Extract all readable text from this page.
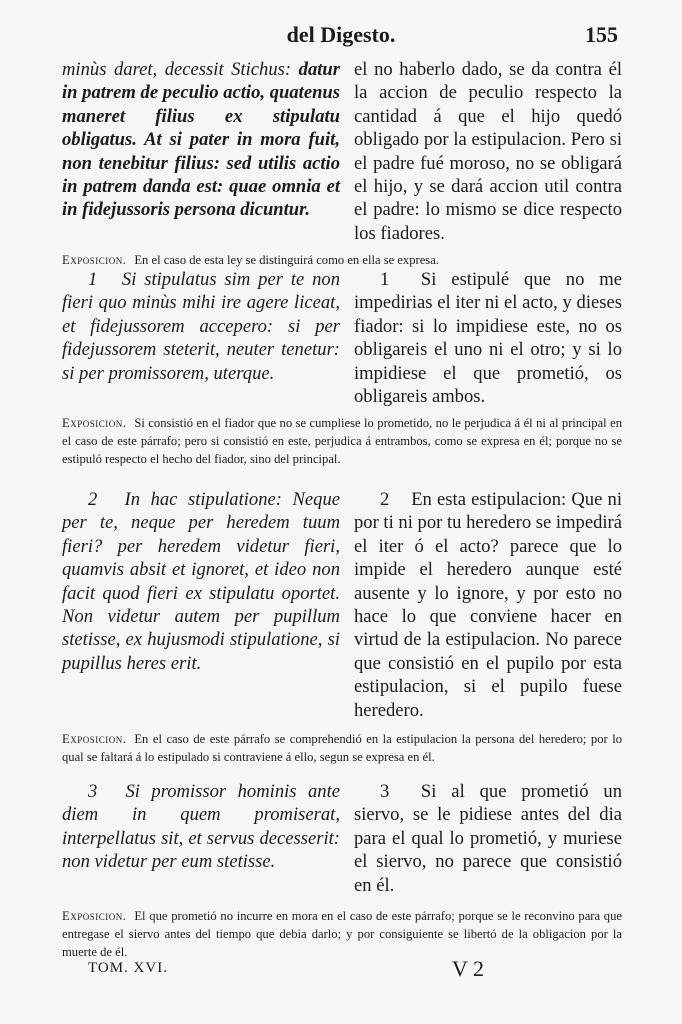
del Digesto.	155
minùs daret, decessit Stichus: datur in patrem de peculio actio, quatenus maneret filius ex stipulatu obligatus. At si pater in mora fuit, non tenebitur filius: sed utilis actio in patrem danda est: quae omnia et in fidejussoris persona dicuntur.
el no haberlo dado, se da contra él la accion de peculio respecto la cantidad á que el hijo quedó obligado por la estipulacion. Pero si el padre fué moroso, no se obligará el hijo, y se dará accion util contra el padre: lo mismo se dice respecto los fiadores.
Exposicion. En el caso de esta ley se distinguirá como en ella se expresa.
1 Si stipulatus sim per te non fieri quo minùs mihi ire agere liceat, et fidejussorem accepero: si per fidejussorem steterit, neuter tenetur: si per promissorem, uterque.
1 Si estipulé que no me impedirias el iter ni el acto, y dieses fiador: si lo impidiese este, no os obligareis el uno ni el otro; y si lo impidiese el que prometió, os obligareis ambos.
Exposicion. Si consistió en el fiador que no se cumpliese lo prometido, no le perjudica á él ni al principal en el caso de este párrafo; pero si consistió en este, perjudica á entrambos, como se expresa en él; porque no se estipuló respecto el hecho del fiador, sino del principal.
2 In hac stipulatione: Neque per te, neque per heredem tuum fieri? per heredem videtur fieri, quamvis absit et ignoret, et ideo non facit quod fieri ex stipulatu oportet. Non videtur autem per pupillum stetisse, ex hujusmodi stipulatione, si pupillus heres erit.
2 En esta estipulacion: Que ni por ti ni por tu heredero se impedirá el iter ó el acto? parece que lo impide el heredero aunque esté ausente y lo ignore, y por esto no hace lo que conviene hacer en virtud de la estipulacion. No parece que consistió en el pupilo por esta estipulacion, si el pupilo fuese heredero.
Exposicion. En el caso de este párrafo se comprehendió en la estipulacion la persona del heredero; por lo qual se faltará á lo estipulado si contraviene á ello, segun se expresa en él.
3 Si promissor hominis ante diem in quem promiserat, interpellatus sit, et servus decesserit: non videtur per eum stetisse.
3 Si al que prometió un siervo, se le pidiese antes del dia para el qual lo prometió, y muriese el siervo, no parece que consistió en él.
Exposicion. El que prometió no incurre en mora en el caso de este párrafo; porque se le reconvino para que entregase el siervo antes del tiempo que debia darlo; y por consiguiente se libertó de la obligacion por la muerte de él.
TOM. XVI.	V 2
